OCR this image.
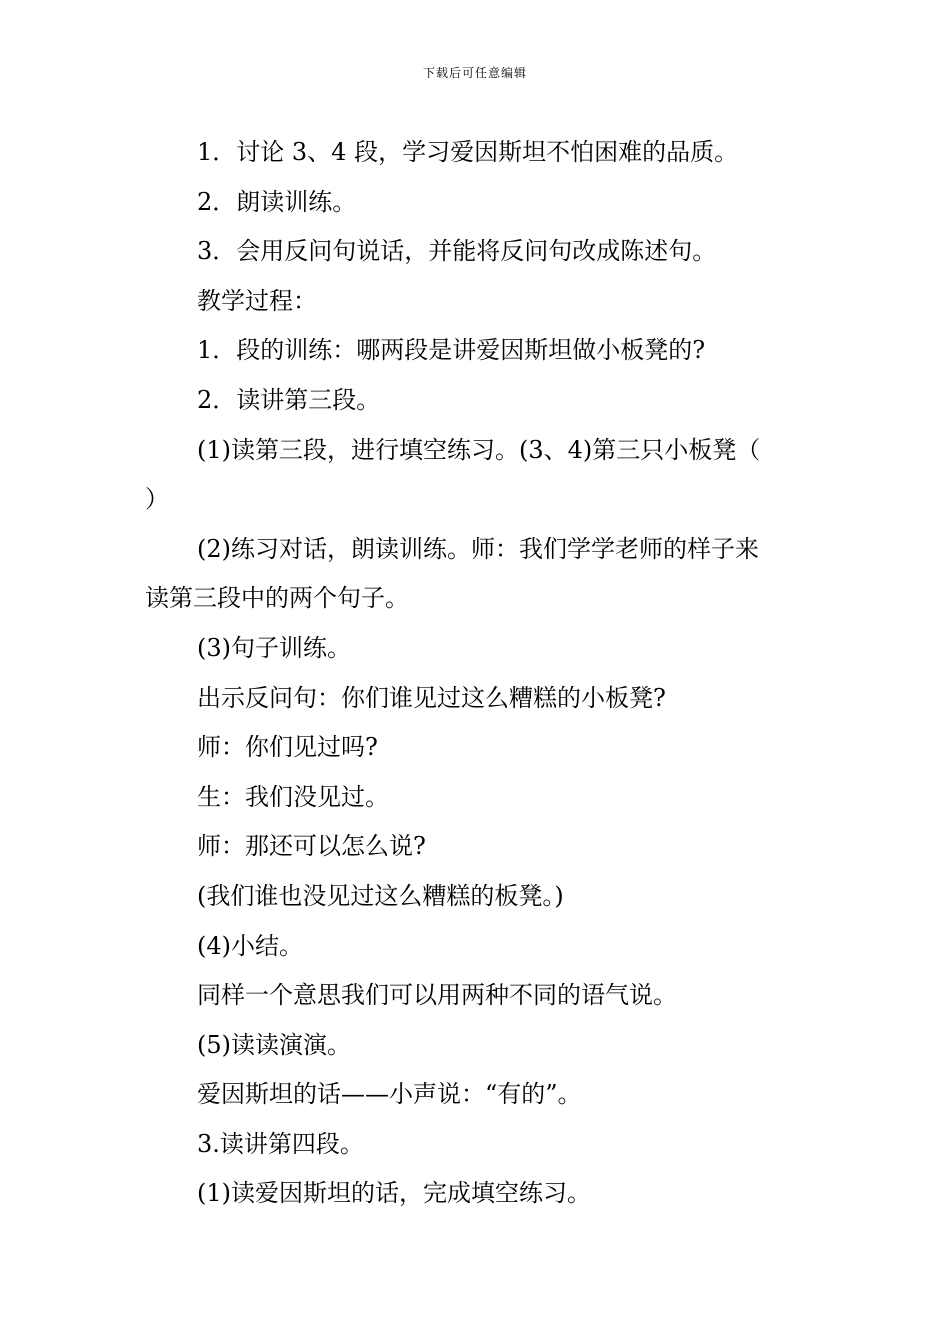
下载后可任意编辑
1．讨论 3、4 段，学习爱因斯坦不怕困难的品质。
2．朗读训练。
3．会用反问句说话，并能将反问句改成陈述句。
教学过程：
1．段的训练：哪两段是讲爱因斯坦做小板凳的?
2．读讲第三段。
(1)读第三段，进行填空练习。(3、4)第三只小板凳（
）
(2)练习对话，朗读训练。师：我们学学老师的样子来
读第三段中的两个句子。
(3)句子训练。
出示反问句：你们谁见过这么糟糕的小板凳?
师：你们见过吗?
生：我们没见过。
师：那还可以怎么说?
(我们谁也没见过这么糟糕的板凳。)
(4)小结。
同样一个意思我们可以用两种不同的语气说。
(5)读读演演。
爱因斯坦的话——小声说：“有的”。
3.读讲第四段。
(1)读爱因斯坦的话，完成填空练习。
